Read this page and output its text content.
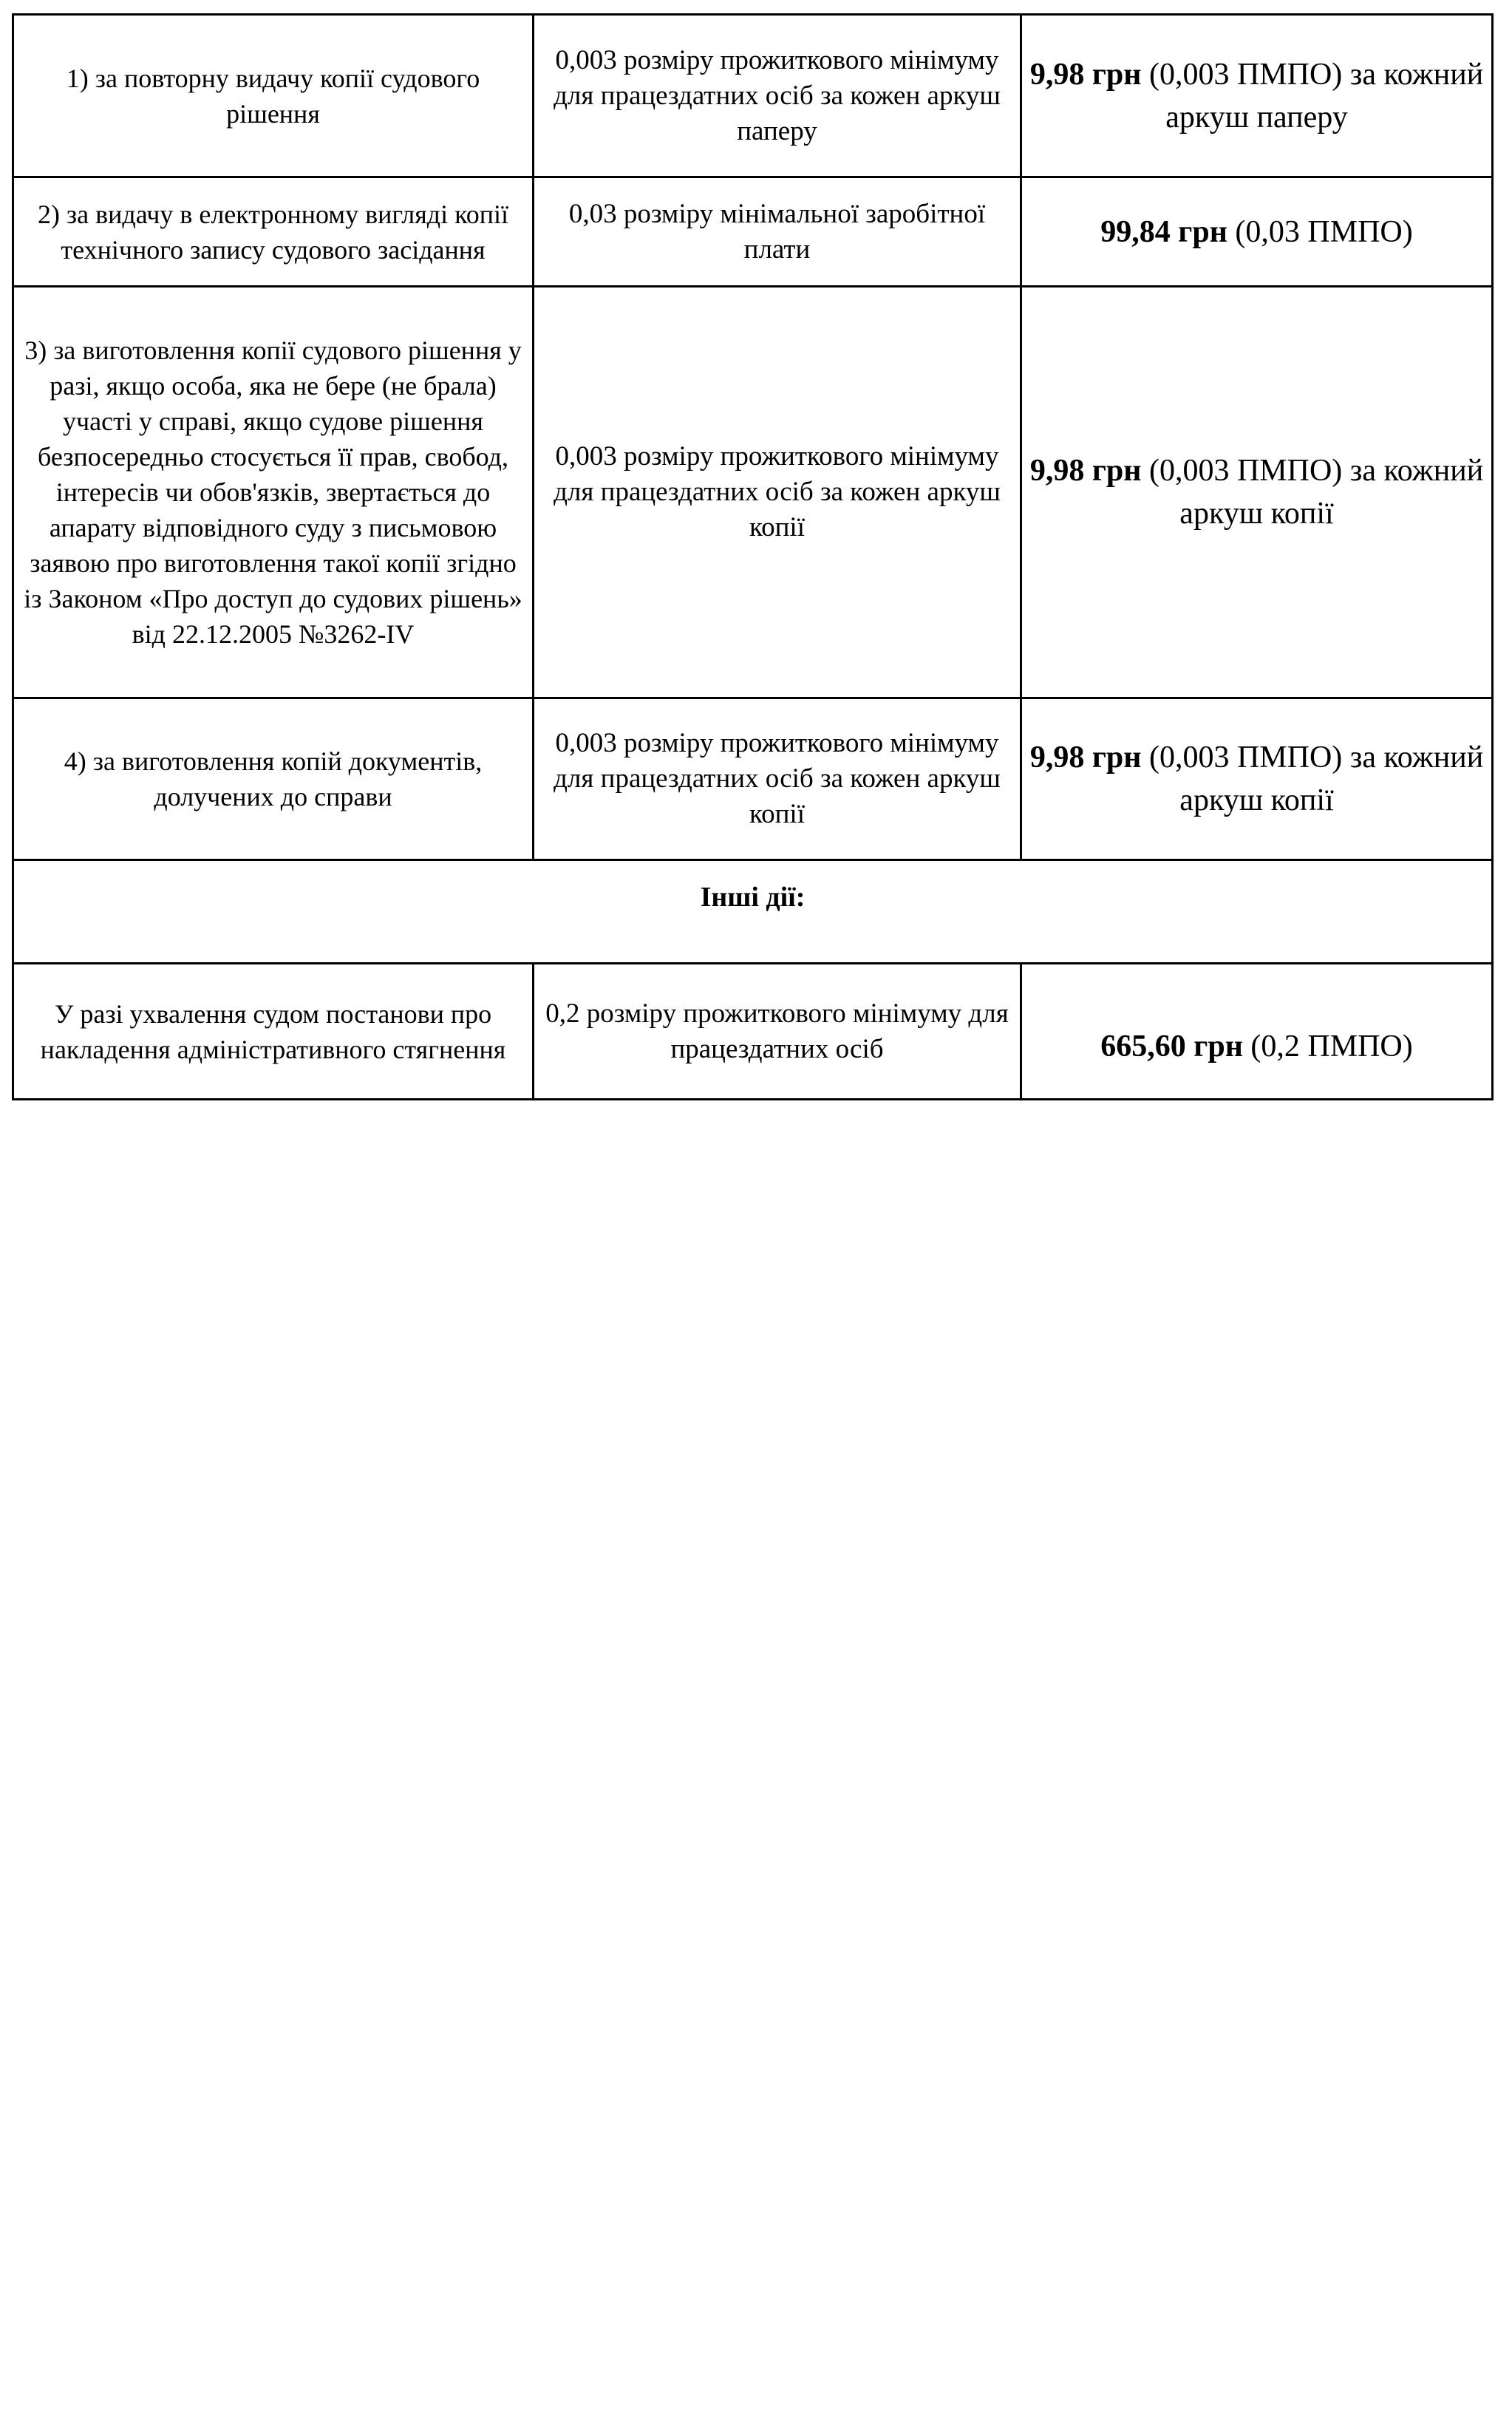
1) за повторну видачу копії судового рішення	0,003 розміру прожиткового мінімуму для працездатних осіб за кожен аркуш паперу	9,98 грн (0,003 ПМПО) за кожний аркуш паперу
2) за видачу в електронному вигляді копії технічного запису судового засідання	0,03 розміру мінімальної заробітної плати	99,84 грн (0,03 ПМПО)
3) за виготовлення копії судового рішення у разі, якщо особа, яка не бере (не брала) участі у справі, якщо судове рішення безпосередньо стосується її прав, свобод, інтересів чи обов'язків, звертається до апарату відповідного суду з письмовою заявою про виготовлення такої копії згідно із Законом «Про доступ до судових рішень» від 22.12.2005 №3262-IV	0,003 розміру прожиткового мінімуму для працездатних осіб за кожен аркуш копії	9,98 грн (0,003 ПМПО) за кожний аркуш копії
4) за виготовлення копій документів, долучених до справи	0,003 розміру прожиткового мінімуму для працездатних осіб за кожен аркуш копії	9,98 грн (0,003 ПМПО) за кожний аркуш копії
Інші дії:		
У разі ухвалення судом постанови про накладення адміністративного стягнення	0,2 розміру прожиткового мінімуму для працездатних осіб	665,60 грн (0,2 ПМПО)
